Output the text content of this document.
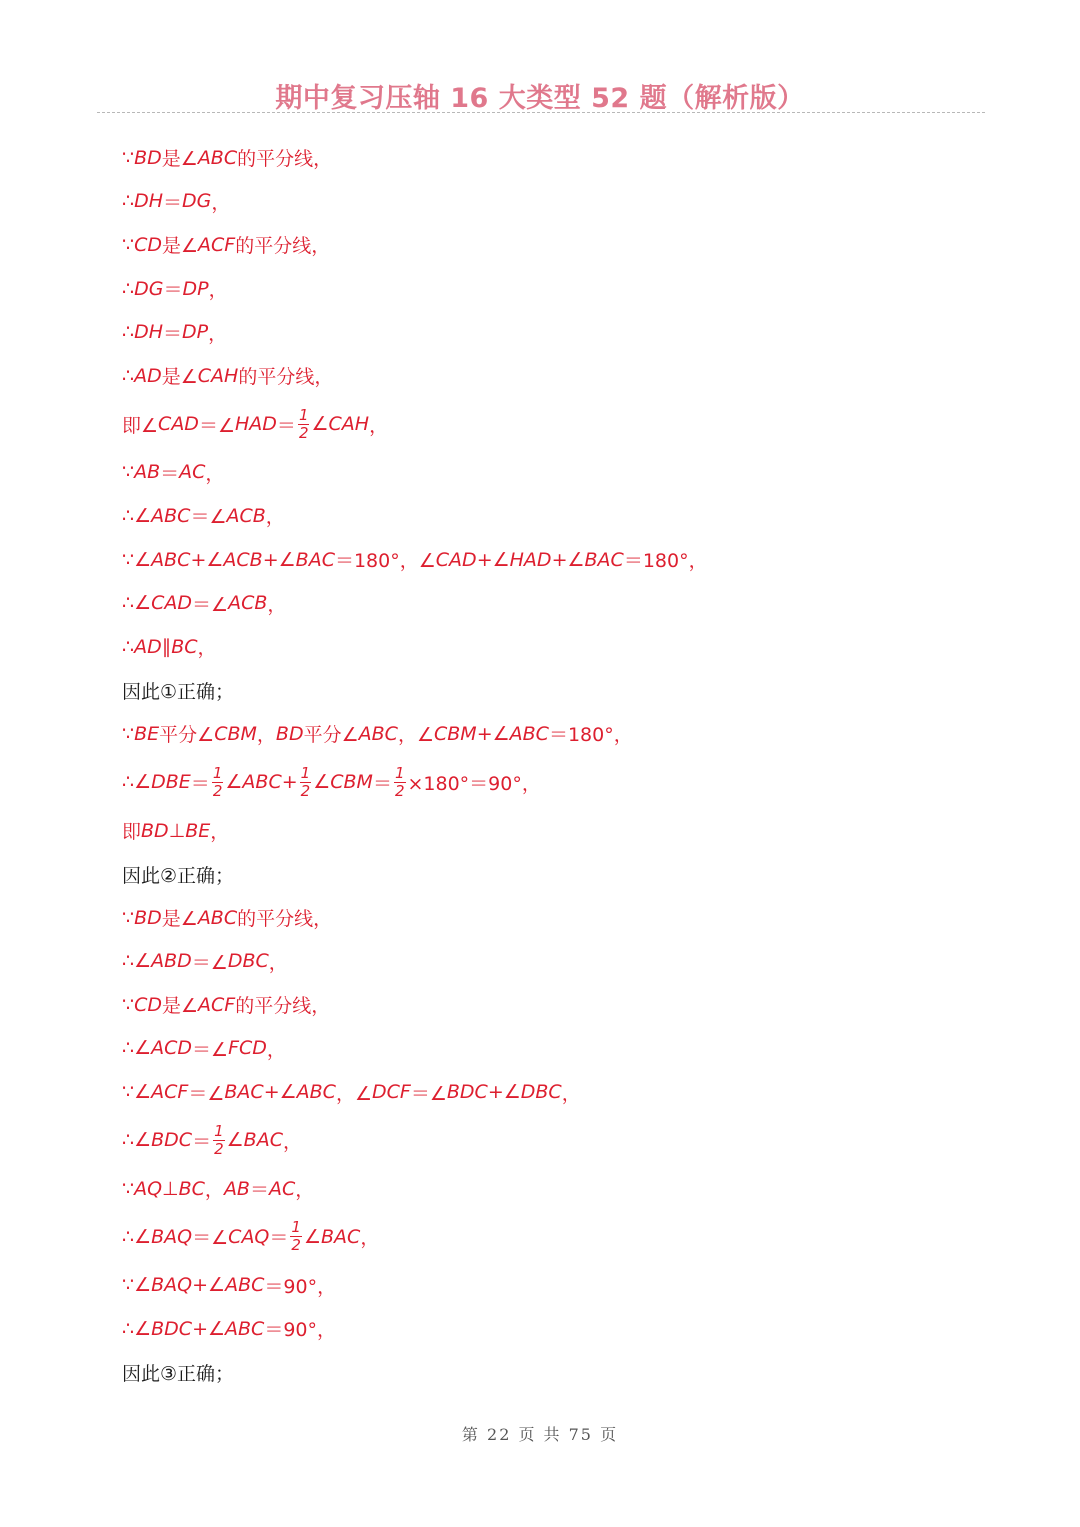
期中复习压轴 16 大类型 52 题（解析版）
∵ BD 是∠ ABC 的平分线，
∴ DH ＝ DG ，
∵ CD 是∠ ACF 的平分线，
∴ DG ＝ DP ，
∴ DH ＝ DP ，
∴ AD 是∠ CAH 的平分线，
即∠ CAD ＝∠ HAD ＝ $\frac{1}{2}$ ∠ CAH ，
∵ AB ＝ AC ，
∴∠ ABC ＝∠ ACB ，
∵∠ ABC +∠ ACB +∠ BAC ＝180°，∠ CAD +∠ HAD +∠ BAC ＝180°，
∴∠ CAD ＝∠ ACB ，
∴ AD ∥ BC ，
因此①正确；
∵ BE 平分∠ CBM ， BD 平分∠ ABC ，∠ CBM +∠ ABC ＝180°，
∴∠ DBE ＝ $\frac{1}{2}$ ∠ ABC + $\frac{1}{2}$ ∠ CBM ＝ $\frac{1}{2} \times 180^\circ=90^\circ$，
即 BD ⊥ BE ，
因此②正确；
∵ BD 是∠ ABC 的平分线，
∴∠ ABD ＝∠ DBC ，
∵ CD 是∠ ACF 的平分线，
∴∠ ACD ＝∠ FCD ，
∵∠ ACF ＝∠ BAC +∠ ABC ，∠ DCF ＝∠ BDC +∠ DBC ，
∴∠ BDC ＝ $\frac{1}{2}$ ∠ BAC ，
∵ AQ ⊥ BC ， AB ＝ AC ，
∴∠ BAQ ＝∠ CAQ ＝ $\frac{1}{2}$ ∠ BAC ，
∵∠ BAQ +∠ ABC ＝90°，
∴∠ BDC +∠ ABC ＝90°，
因此③正确；
第 22 页 共 75 页
